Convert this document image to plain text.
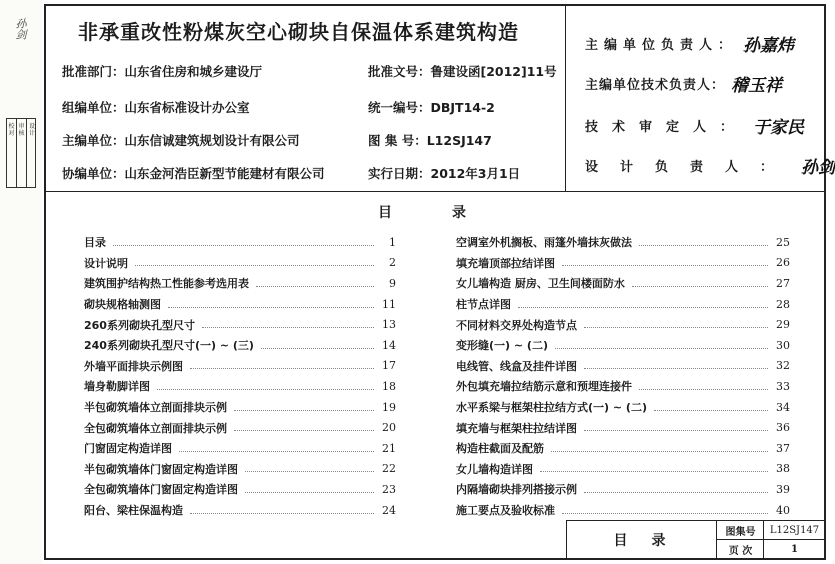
孙剑
校对
审核
设计
非承重改性粉煤灰空心砌块自保温体系建筑构造
批准部门：山东省住房和城乡建设厅	批准文号：鲁建设函[2012]11号
组编单位：山东省标准设计办公室	统一编号：DBJT14-2
主编单位：山东信诚建筑规划设计有限公司	图 集 号：L12SJ147
协编单位：山东金河浩臣新型节能建材有限公司	实行日期：2012年3月1日
主编单位负责人： 孙嘉炜
主编单位技术负责人： 稽玉祥
技术审定人： 于家民
设计负责人： 孙剑
目录
目录	1
设计说明	2
建筑围护结构热工性能参考选用表	9
砌块规格轴测图	11
260系列砌块孔型尺寸	13
240系列砌块孔型尺寸(一) ~ (三)	14
外墙平面排块示例图	17
墙身勒脚详图	18
半包砌筑墙体立剖面排块示例	19
全包砌筑墙体立剖面排块示例	20
门窗固定构造详图	21
半包砌筑墙体门窗固定构造详图	22
全包砌筑墙体门窗固定构造详图	23
阳台、梁柱保温构造	24
空调室外机搁板、雨篷外墙抹灰做法	25
填充墙顶部拉结详图	26
女儿墙构造 厨房、卫生间楼面防水	27
柱节点详图	28
不同材料交界处构造节点	29
变形缝(一) ~ (二)	30
电线管、线盒及挂件详图	32
外包填充墙拉结筋示意和预埋连接件	33
水平系梁与框架柱拉结方式(一) ~ (二)	34
填充墙与框架柱拉结详图	36
构造柱截面及配筋	37
女儿墙构造详图	38
内隔墙砌块排列搭接示例	39
施工要点及验收标准	40
目录
图集号	L12SJ147
页 次	1
